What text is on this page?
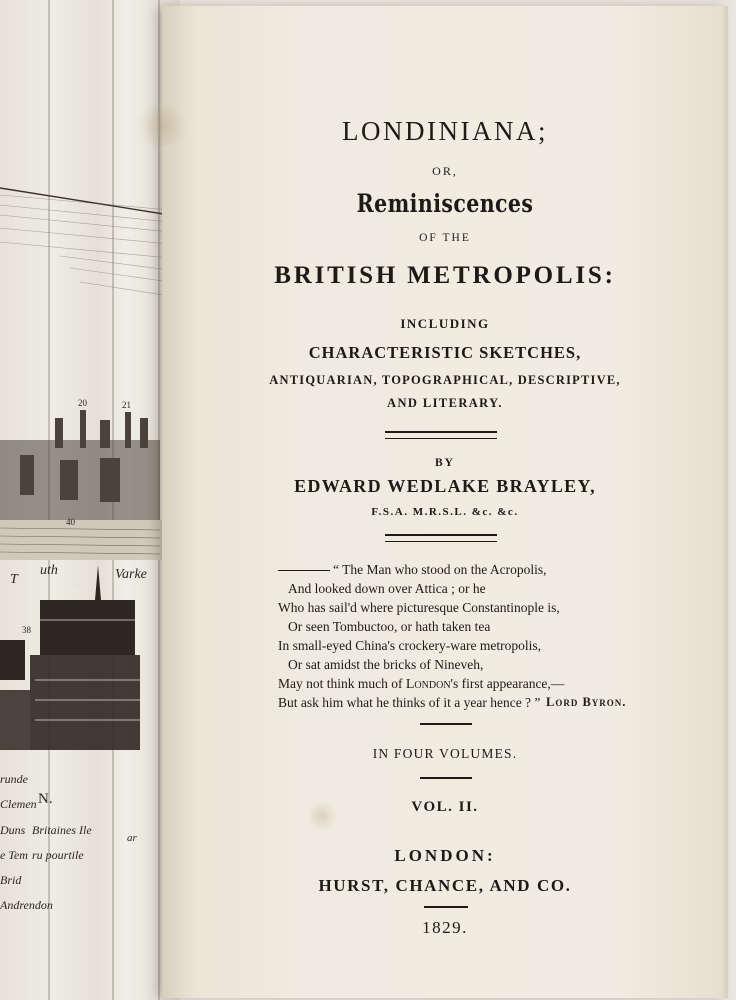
20	21
40
35
38
T
uth	Varke
N.
runde
Clemen
Duns Britaines Ile
e Tem ru pourtile
Brid
Andrendon
ar
LONDINIANA;
OR,
Reminiscences
OF THE
BRITISH METROPOLIS:
INCLUDING
CHARACTERISTIC SKETCHES,
ANTIQUARIAN, TOPOGRAPHICAL, DESCRIPTIVE,
AND LITERARY.
BY
EDWARD WEDLAKE BRAYLEY,
F.S.A. M.R.S.L. &c. &c.
“ The Man who stood on the Acropolis,
And looked down over Attica ; or he
Who has sail'd where picturesque Constantinople is,
Or seen Tombuctoo, or hath taken tea
In small-eyed China's crockery-ware metropolis,
Or sat amidst the bricks of Nineveh,
May not think much of London's first appearance,—
But ask him what he thinks of it a year hence ? ” Lord Byron.
IN FOUR VOLUMES.
VOL. II.
LONDON:
HURST, CHANCE, AND CO.
1829.
